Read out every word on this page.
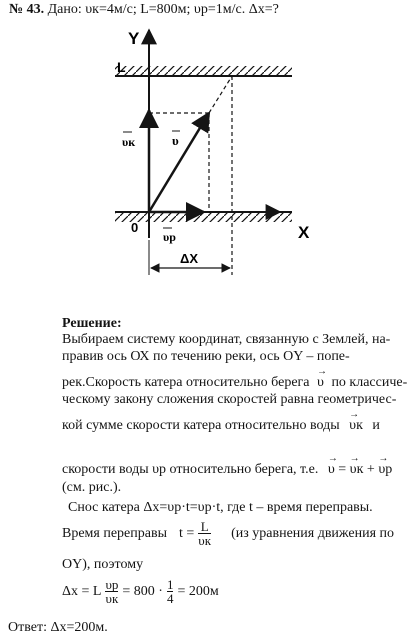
№ 43. Дано: υк=4м/с; L=800м; υр=1м/с. Δx=?
Y
L
X
0
υк	υ
υр
ΔX
Решение:
Выбираем систему координат, связанную с Землей, на-
правив ось ОХ по течению реки, ось OY – попе-
рек.Скорость катера относительно берега
→
υ по классиче-
ческому закону сложения скоростей равна геометричес-
кой сумме скорости катера относительно воды
→
υк и
скорости воды υр относительно берега, т.е.
→
υ =
→
υк +
→
υр
(см. рис.).
Снос катера Δx=υр·t=υр·t, где t – время переправы.
Время переправы $t = \frac{L}{\upsilon к} (из$ уравнения движения по
OY), поэтому
Δx = L $\frac{\upsilon р}{\upsilon к} = 800 \cdot \frac{1}{4} = 200м$
Ответ: Δx=200м.
